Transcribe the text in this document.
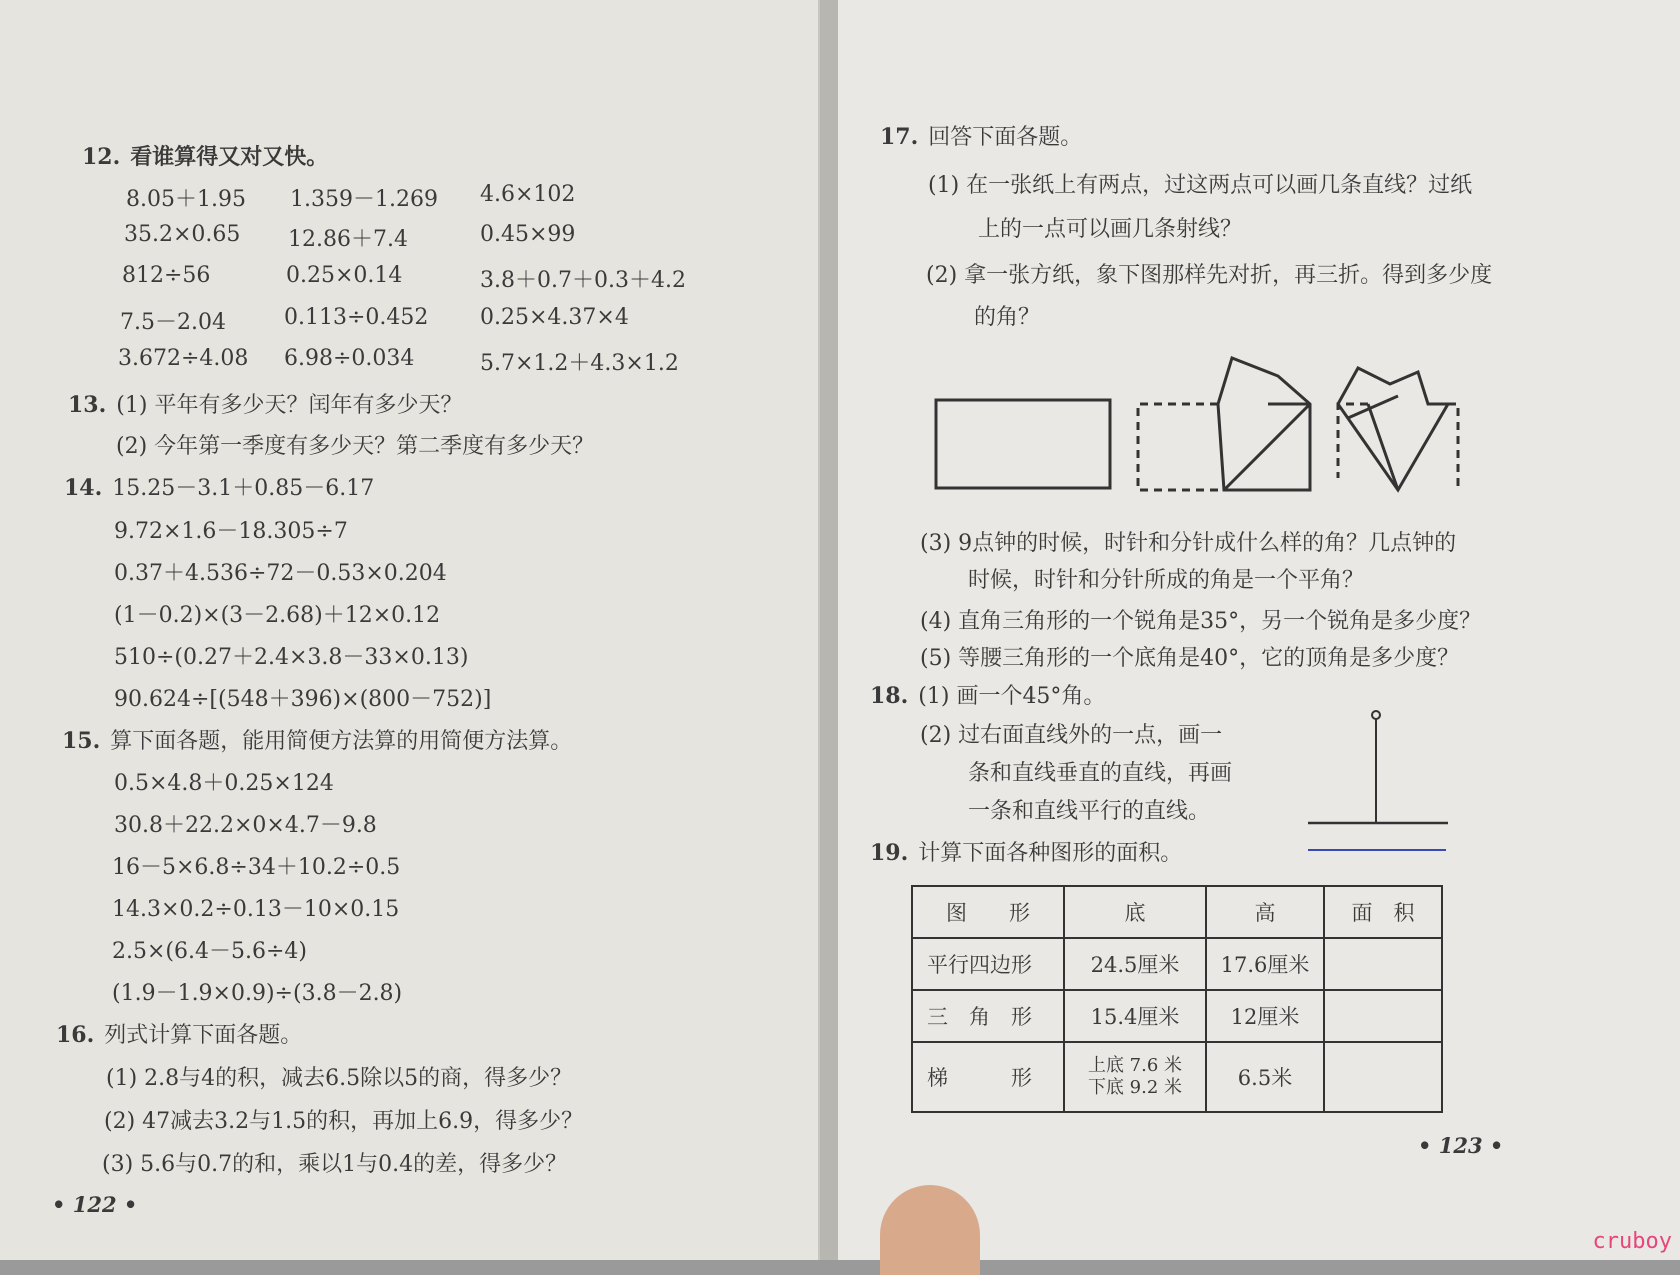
12. 看谁算得又对又快。
8.05＋1.95 1.359－1.269 4.6×102
35.2×0.65 12.86＋7.4	0.45×99
812÷56	0.25×0.14	3.8＋0.7＋0.3＋4.2
7.5－2.04	0.113÷0.452 0.25×4.37×4
3.672÷4.08 6.98÷0.034	5.7×1.2＋4.3×1.2
13. (1) 平年有多少天？闰年有多少天？
(2) 今年第一季度有多少天？第二季度有多少天？
14. 15.25－3.1＋0.85－6.17
9.72×1.6－18.305÷7
0.37＋4.536÷72－0.53×0.204
(1－0.2)×(3－2.68)＋12×0.12
510÷(0.27＋2.4×3.8－33×0.13)
90.624÷[(548＋396)×(800－752)]
15. 算下面各题，能用简便方法算的用简便方法算。
0.5×4.8＋0.25×124
30.8＋22.2×0×4.7－9.8
16－5×6.8÷34＋10.2÷0.5
14.3×0.2÷0.13－10×0.15
2.5×(6.4－5.6÷4)
(1.9－1.9×0.9)÷(3.8－2.8)
16. 列式计算下面各题。
(1) 2.8与4的积，减去6.5除以5的商，得多少？
(2) 47减去3.2与1.5的积，再加上6.9，得多少？
(3) 5.6与0.7的和，乘以1与0.4的差，得多少？
• 122 •
17. 回答下面各题。
(1) 在一张纸上有两点，过这两点可以画几条直线？过纸
上的一点可以画几条射线？
(2) 拿一张方纸，象下图那样先对折，再三折。得到多少度
的角？
(3) 9点钟的时候，时针和分针成什么样的角？几点钟的
时候，时针和分针所成的角是一个平角？
(4) 直角三角形的一个锐角是35°，另一个锐角是多少度？
(5) 等腰三角形的一个底角是40°，它的顶角是多少度？
18. (1) 画一个45°角。
(2) 过右面直线外的一点，画一
条和直线垂直的直线，再画
一条和直线平行的直线。
19. 计算下面各种图形的面积。
图　　形	底	高	面　积
平行四边形	24.5厘米	17.6厘米	
三　角　形	15.4厘米	12厘米	
梯　　　形	上底 7.6 米
下底 9.2 米	6.5米	
• 123 •
cruboy
